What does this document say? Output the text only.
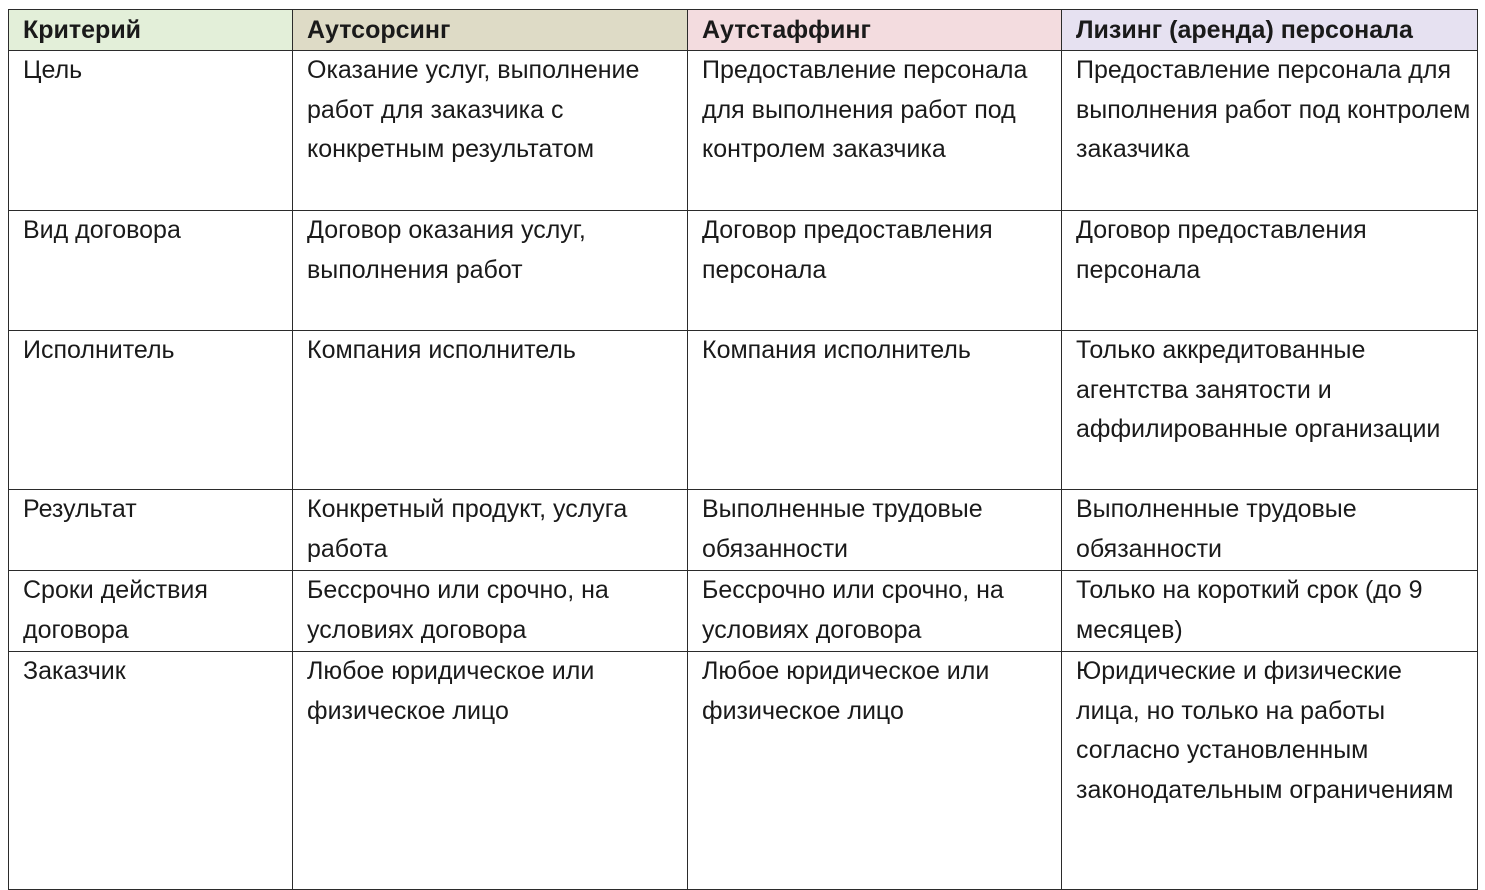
Критерий	Аутсорсинг	Аутстаффинг	Лизинг (аренда) персонала

Цель	Оказание услуг, выполнение работ для заказчика с конкретным результатом	Предоставление персонала для выполнения работ под контролем заказчика	Предоставление персонала для выполнения работ под контролем заказчика

Вид договора	Договор оказания услуг, выполнения работ	Договор предоставления персонала	Договор предоставления персонала

Исполнитель	Компания исполнитель	Компания исполнитель	Только аккредитованные агентства занятости и аффилированные организации

Результат	Конкретный продукт, услуга работа	Выполненные трудовые обязанности	Выполненные трудовые обязанности

Сроки действия договора	Бессрочно или срочно, на условиях договора	Бессрочно или срочно, на условиях договора	Только на короткий срок (до 9 месяцев)

Заказчик	Любое юридическое или физическое лицо	Любое юридическое или физическое лицо	Юридические и физические лица, но только на работы согласно установленным законодательным ограничениям
